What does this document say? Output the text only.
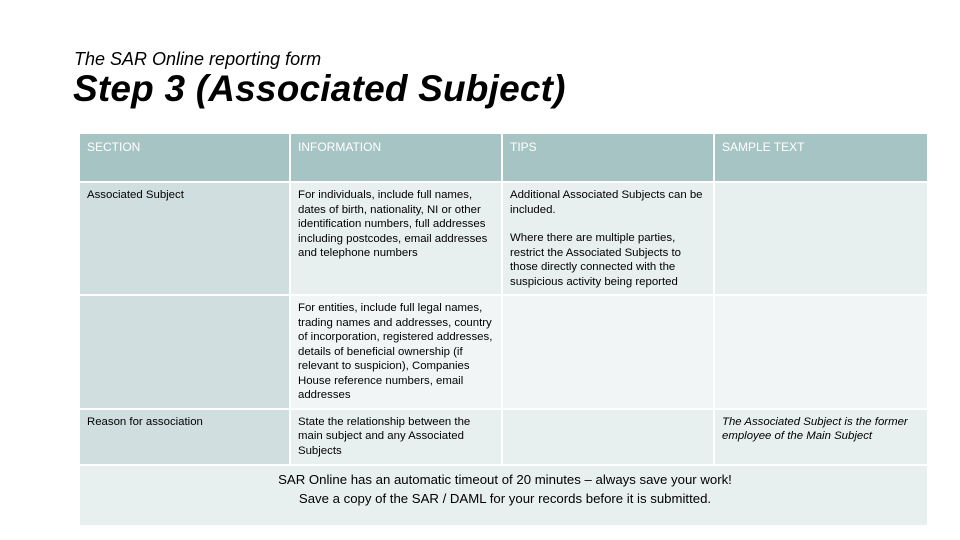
The SAR Online reporting form
Step 3 (Associated Subject)
SECTION	INFORMATION	TIPS	SAMPLE TEXT
Associated Subject	For individuals, include full names, dates of birth, nationality, NI or other identification numbers, full addresses including postcodes, email addresses and telephone numbers	Additional Associated Subjects can be included.
Where there are multiple parties, restrict the Associated Subjects to those directly connected with the suspicious activity being reported	

	For entities, include full legal names, trading names and addresses, country of incorporation, registered addresses, details of beneficial ownership (if relevant to suspicion), Companies House reference numbers, email addresses		
Reason for association	State the relationship between the main subject and any Associated Subjects		The Associated Subject is the former employee of the Main Subject

SAR Online has an automatic timeout of 20 minutes – always save your work!
Save a copy of the SAR / DAML for your records before it is submitted.			
